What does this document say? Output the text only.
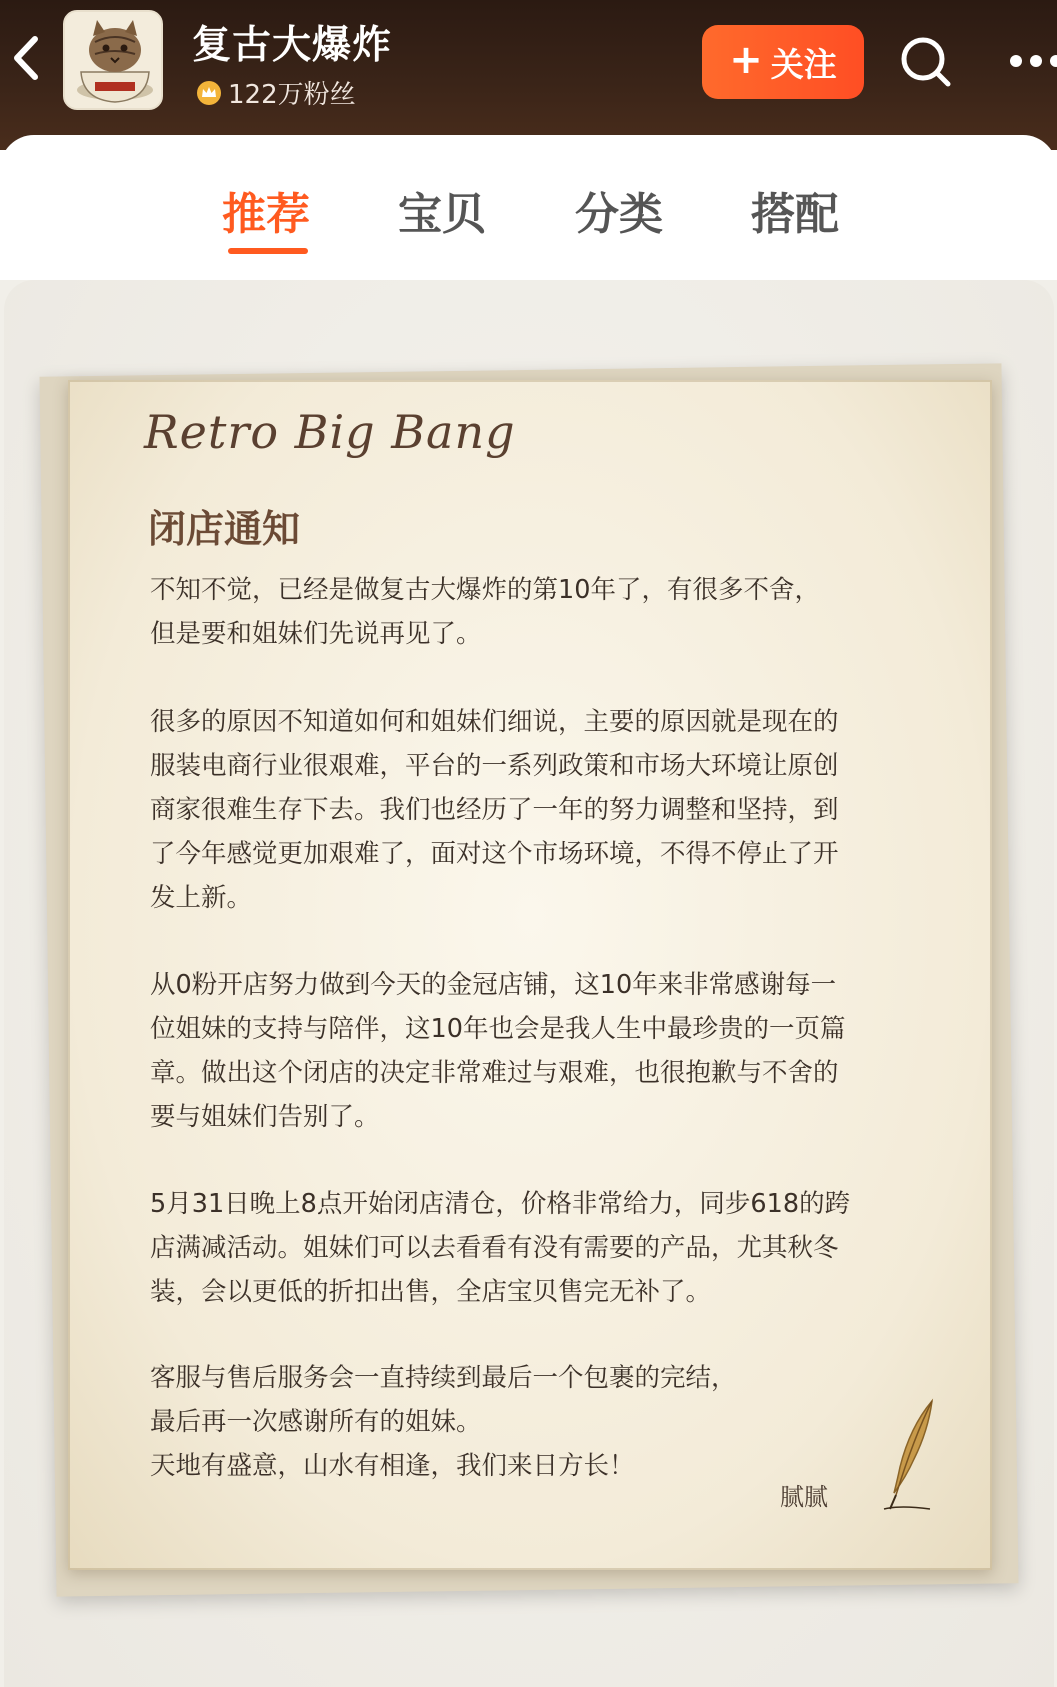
复古大爆炸
122万粉丝
+ 关注
推荐 宝贝 分类 搭配
Retro Big Bang
闭店通知
不知不觉，已经是做复古大爆炸的第10年了，有很多不舍，
但是要和姐妹们先说再见了。
很多的原因不知道如何和姐妹们细说，主要的原因就是现在的
服装电商行业很艰难，平台的一系列政策和市场大环境让原创
商家很难生存下去。我们也经历了一年的努力调整和坚持，到
了今年感觉更加艰难了，面对这个市场环境，不得不停止了开
发上新。
从0粉开店努力做到今天的金冠店铺，这10年来非常感谢每一
位姐妹的支持与陪伴，这10年也会是我人生中最珍贵的一页篇
章。做出这个闭店的决定非常难过与艰难，也很抱歉与不舍的
要与姐妹们告别了。
5月31日晚上8点开始闭店清仓，价格非常给力，同步618的跨
店满减活动。姐妹们可以去看看有没有需要的产品，尤其秋冬
装，会以更低的折扣出售，全店宝贝售完无补了。
客服与售后服务会一直持续到最后一个包裹的完结，
最后再一次感谢所有的姐妹。
天地有盛意，山水有相逢，我们来日方长！
腻腻
